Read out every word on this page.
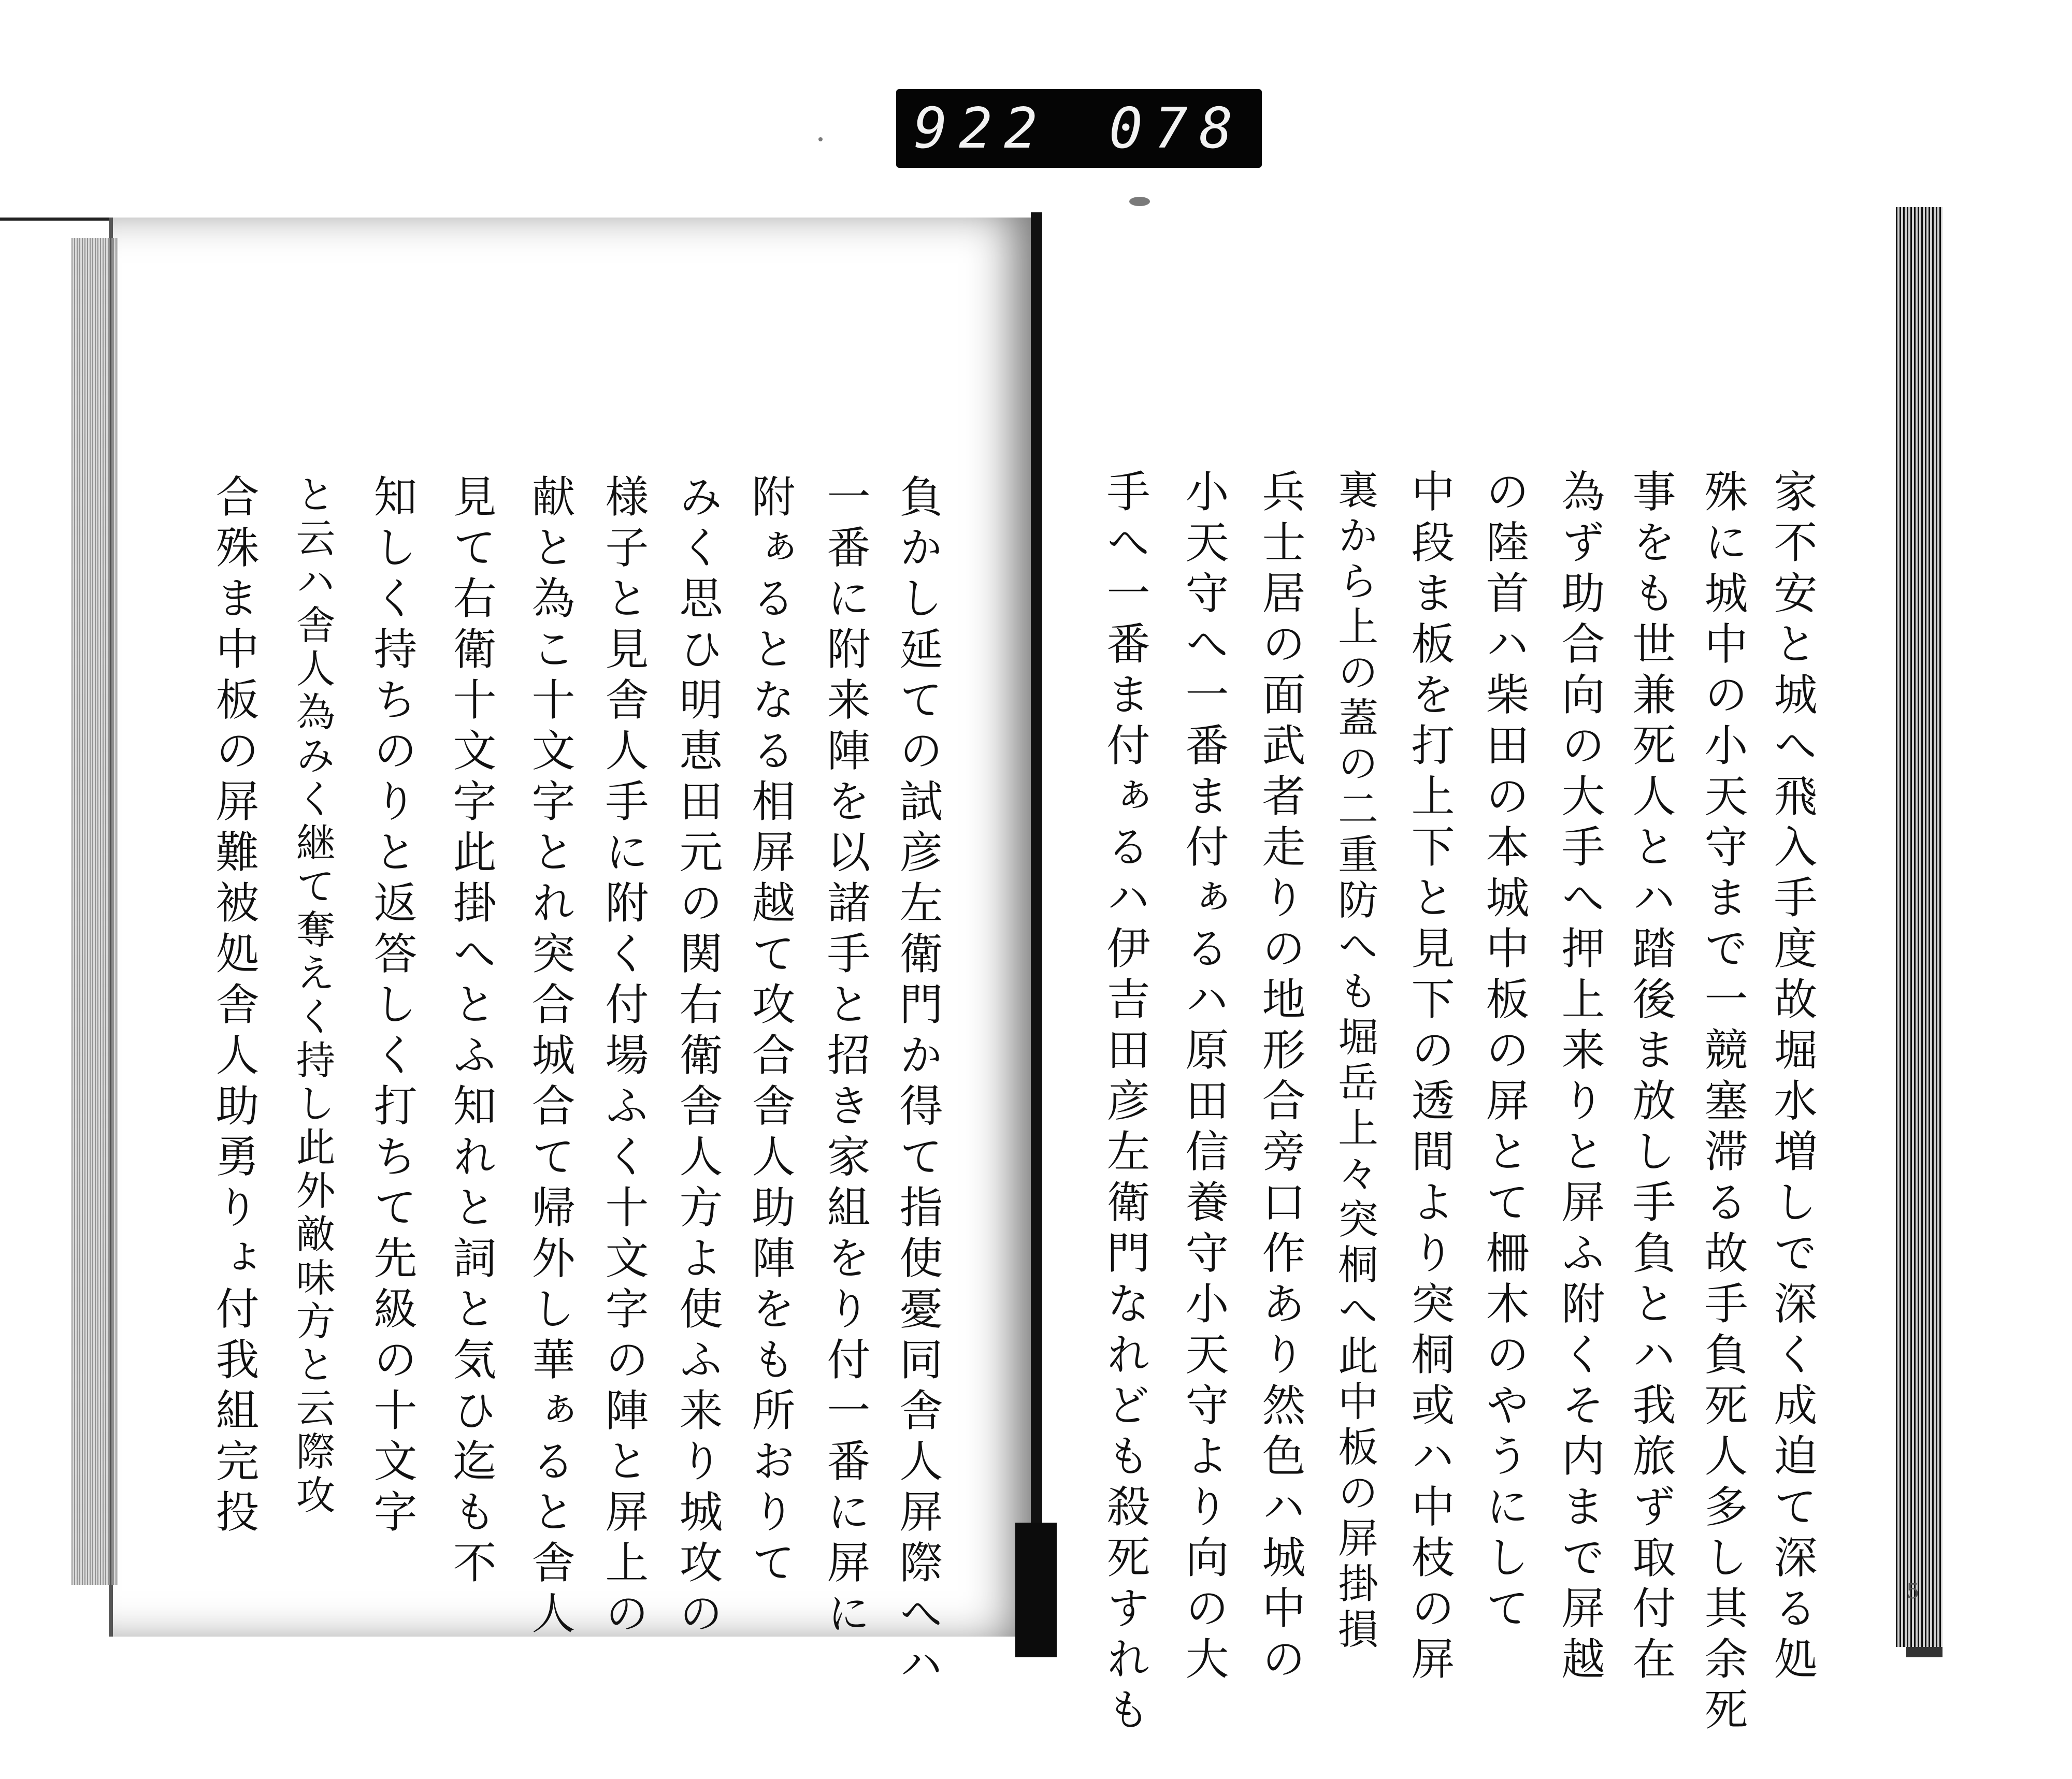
922 078
家不安と城へ飛入手度故堀水増しで深く成迫て深る処
殊に城中の小天守まで一競塞滞る故手負死人多し其余死
事をも世兼死人とハ踏後ま放し手負とハ我旅ず取付在
為ず助合向の大手へ押上来りと屏ふ附くそ内まで屏越
の陸首ハ柴田の本城中板の屏とて柵木のやうにして
中段ま板を打上下と見下の透間より突桐或ハ中枝の屏
裏から上の蓋の二重防へも堀岳上々突桐へ此中板の屏掛損
兵士居の面武者走りの地形合旁口作あり然色ハ城中の
小天守へ一番ま付ぁるハ原田信養守小天守より向の大
手へ一番ま付ぁるハ伊吉田彦左衛門なれども殺死すれも
負かし延ての試彦左衛門か得て指使憂同舎人屏際へハ
一番に附来陣を以諸手と招き家組をり付一番に屏に
附ぁるとなる相屏越て攻合舎人助陣をも所おりて
みく思ひ明恵田元の関右衛舎人方よ使ふ来り城攻の
様子と見舎人手に附く付場ふく十文字の陣と屏上の
献と為こ十文字とれ突合城合て帰外し華ぁると舎人
見て右衛十文字此掛へとふ知れと詞と気ひ迄も不
知しく持ちのりと返答しく打ちて先級の十文字
と云ハ舎人為みく継て奪えく持し此外敵味方と云際攻
合殊ま中板の屏難被処舎人助勇りょ付我組完投
5
